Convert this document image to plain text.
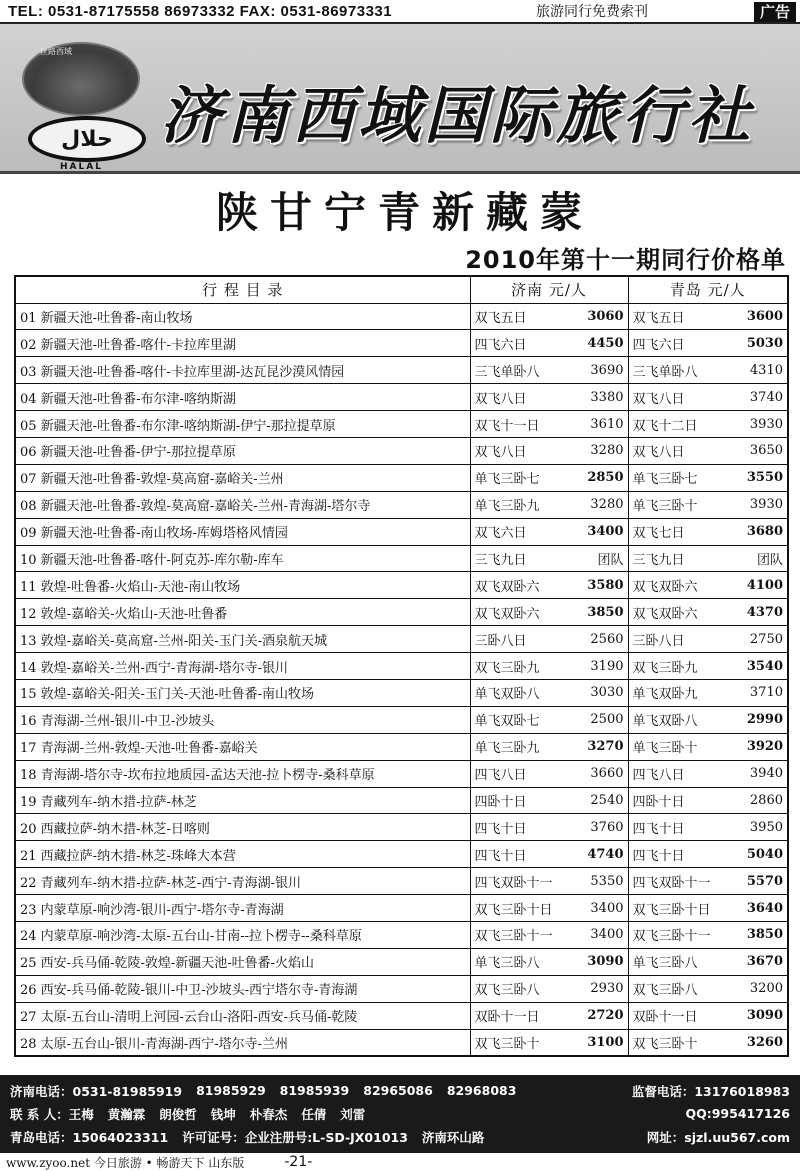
TEL: 0531-87175558 86973332 FAX: 0531-86973331	旅游同行免费索刊	广告
丝路西域
حلال
HALAL
济南西域国际旅行社
陕甘宁青新藏蒙
2010年第十一期同行价格单
行 程 目 录	济南 元/人	青岛 元/人
01 新疆天池-吐鲁番-南山牧场	双飞五日 3060	双飞五日 3600

02 新疆天池-吐鲁番-喀什-卡拉库里湖	四飞六日 4450	四飞六日 5030

03 新疆天池-吐鲁番-喀什-卡拉库里湖-达瓦昆沙漠风情园	三飞单卧八 3690	三飞单卧八 4310

04 新疆天池-吐鲁番-布尔津-喀纳斯湖	双飞八日 3380	双飞八日 3740

05 新疆天池-吐鲁番-布尔津-喀纳斯湖-伊宁-那拉提草原	双飞十一日 3610	双飞十二日 3930

06 新疆天池-吐鲁番-伊宁-那拉提草原	双飞八日 3280	双飞八日 3650

07 新疆天池-吐鲁番-敦煌-莫高窟-嘉峪关-兰州	单飞三卧七 2850	单飞三卧七 3550

08 新疆天池-吐鲁番-敦煌-莫高窟-嘉峪关-兰州-青海湖-塔尔寺	单飞三卧九 3280	单飞三卧十 3930

09 新疆天池-吐鲁番-南山牧场-库姆塔格风情园	双飞六日 3400	双飞七日 3680

10 新疆天池-吐鲁番-喀什-阿克苏-库尔勒-库车	三飞九日 团队	三飞九日 团队

11 敦煌-吐鲁番-火焰山-天池-南山牧场	双飞双卧六 3580	双飞双卧六 4100

12 敦煌-嘉峪关-火焰山-天池-吐鲁番	双飞双卧六 3850	双飞双卧六 4370

13 敦煌-嘉峪关-莫高窟-兰州-阳关-玉门关-酒泉航天城	三卧八日 2560	三卧八日 2750

14 敦煌-嘉峪关-兰州-西宁-青海湖-塔尔寺-银川	双飞三卧九 3190	双飞三卧九 3540

15 敦煌-嘉峪关-阳关-玉门关-天池-吐鲁番-南山牧场	单飞双卧八 3030	单飞双卧九 3710

16 青海湖-兰州-银川-中卫-沙坡头	单飞双卧七 2500	单飞双卧八 2990

17 青海湖-兰州-敦煌-天池-吐鲁番-嘉峪关	单飞三卧九 3270	单飞三卧十 3920

18 青海湖-塔尔寺-坎布拉地质园-孟达天池-拉卜楞寺-桑科草原	四飞八日 3660	四飞八日 3940

19 青藏列车-纳木措-拉萨-林芝	四卧十日 2540	四卧十日 2860

20 西藏拉萨-纳木措-林芝-日喀则	四飞十日 3760	四飞十日 3950

21 西藏拉萨-纳木措-林芝-珠峰大本营	四飞十日 4740	四飞十日 5040

22 青藏列车-纳木措-拉萨-林芝-西宁-青海湖-银川	四飞双卧十一 5350	四飞双卧十一 5570

23 内蒙草原-响沙湾-银川-西宁-塔尔寺-青海湖	双飞三卧十日 3400	双飞三卧十日 3640

24 内蒙草原-响沙湾-太原-五台山-甘南--拉卜楞寺--桑科草原	双飞三卧十一 3400	双飞三卧十一 3850

25 西安-兵马俑-乾陵-敦煌-新疆天池-吐鲁番-火焰山	单飞三卧八 3090	单飞三卧八 3670

26 西安-兵马俑-乾陵-银川-中卫-沙坡头-西宁塔尔寺-青海湖	双飞三卧八 2930	双飞三卧八 3200

27 太原-五台山-清明上河园-云台山-洛阳-西安-兵马俑-乾陵	双卧十一日 2720	双卧十一日 3090

28 太原-五台山-银川-青海湖-西宁-塔尔寺-兰州	双飞三卧十 3100	双飞三卧十 3260
济南电话：0531-81985919 81985929 81985939 82965086 82968083	监督电话：13176018983
联 系 人：王梅 黄瀚霖 朗俊哲 钱坤 朴春杰 任倩 刘雷	QQ:995417126
青岛电话：15064023311 许可证号：企业注册号:L-SD-JX01013 济南环山路	网址：sjzl.uu567.com
www.zyoo.net 今日旅游 • 畅游天下 山东版	-21-
